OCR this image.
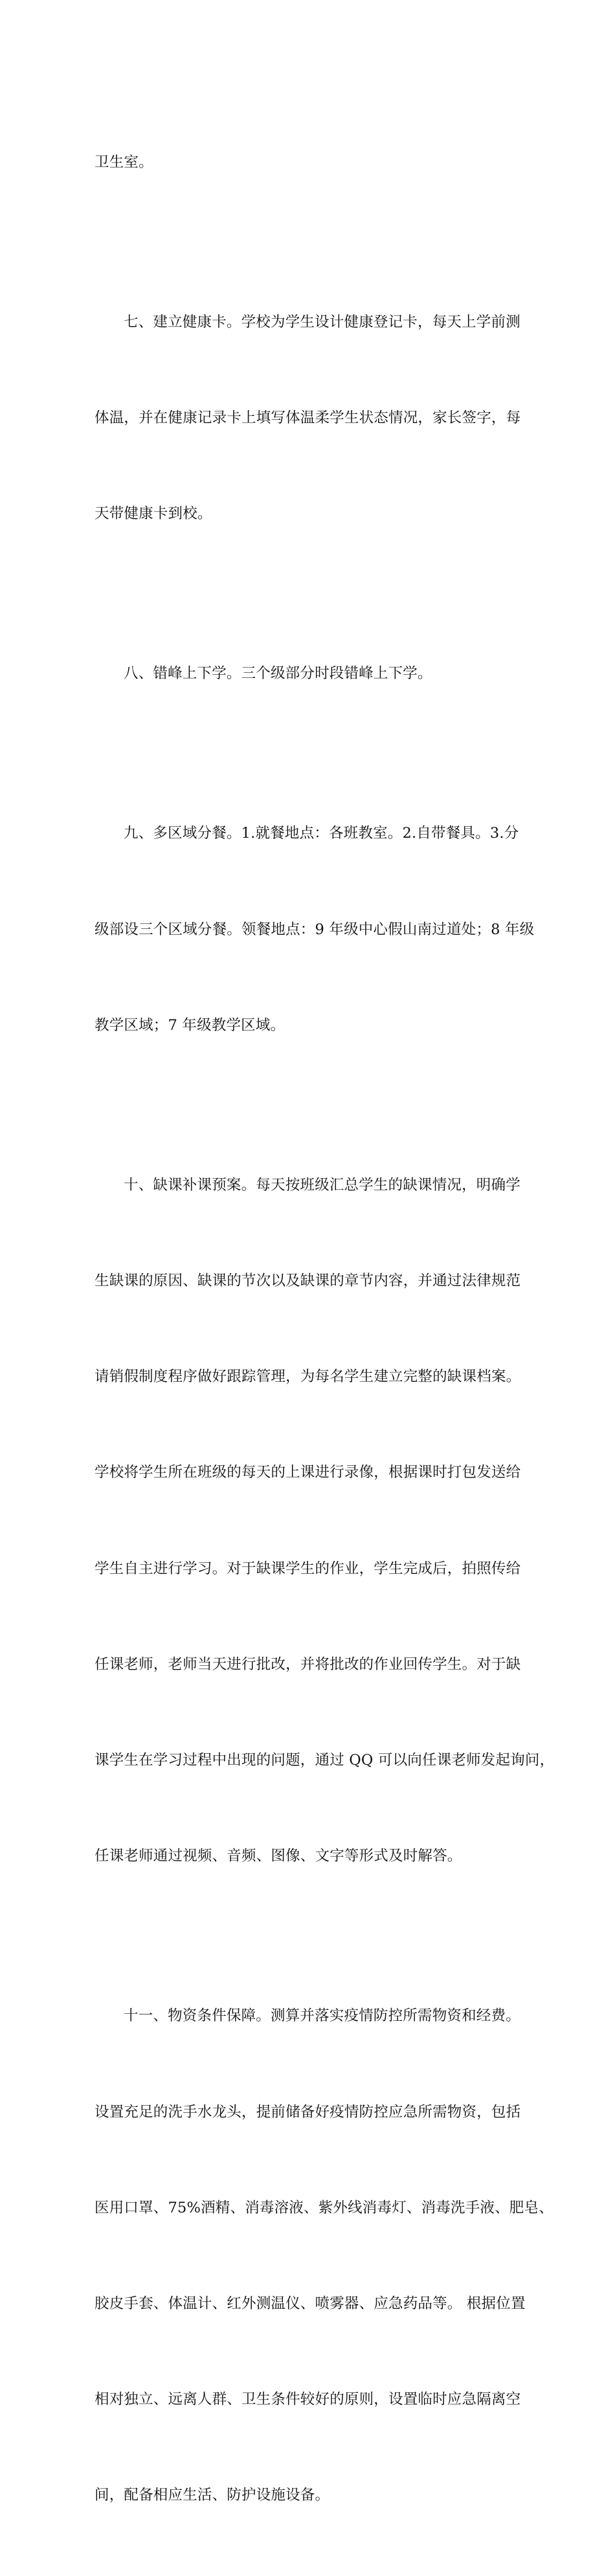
卫生室。

七、建立健康卡。学校为学生设计健康登记卡，每天上学前测

体温，并在健康记录卡上填写体温柔学生状态情况，家长签字，每

天带健康卡到校。

八、错峰上下学。三个级部分时段错峰上下学。

九、多区域分餐。1.就餐地点：各班教室。2.自带餐具。3.分

级部设三个区域分餐。领餐地点：9 年级中心假山南过道处；8 年级

教学区域；7 年级教学区域。

十、缺课补课预案。每天按班级汇总学生的缺课情况，明确学

生缺课的原因、缺课的节次以及缺课的章节内容，并通过法律规范

请销假制度程序做好跟踪管理，为每名学生建立完整的缺课档案。

学校将学生所在班级的每天的上课进行录像，根据课时打包发送给

学生自主进行学习。对于缺课学生的作业，学生完成后，拍照传给

任课老师，老师当天进行批改，并将批改的作业回传学生。对于缺

课学生在学习过程中出现的问题，通过 QQ 可以向任课老师发起询问，

任课老师通过视频、音频、图像、文字等形式及时解答。

十一、物资条件保障。测算并落实疫情防控所需物资和经费。

设置充足的洗手水龙头，提前储备好疫情防控应急所需物资，包括

医用口罩、75%酒精、消毒溶液、紫外线消毒灯、消毒洗手液、肥皂、

胶皮手套、体温计、红外测温仪、喷雾器、应急药品等。 根据位置

相对独立、远离人群、卫生条件较好的原则，设置临时应急隔离空

间，配备相应生活、防护设施设备。
